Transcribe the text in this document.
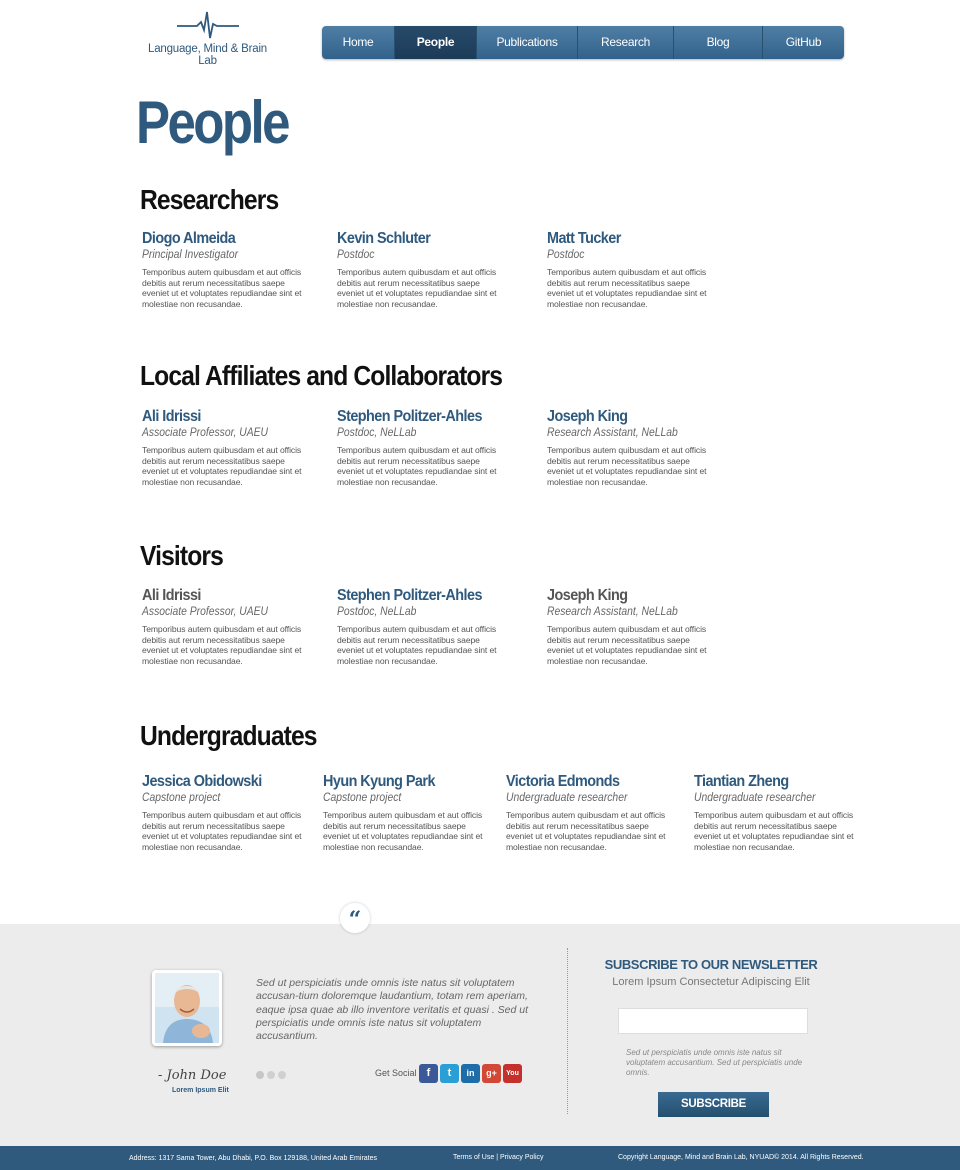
Language, Mind & Brain Lab
Home	People	Publications	Research	Blog	GitHub
People
Researchers
Diogo Almeida
Principal Investigator
Temporibus autem quibusdam et aut officis debitis aut rerum necessitatibus saepe eveniet ut et voluptates repudiandae sint et molestiae non recusandae.
Kevin Schluter
Postdoc
Temporibus autem quibusdam et aut officis debitis aut rerum necessitatibus saepe eveniet ut et voluptates repudiandae sint et molestiae non recusandae.
Matt Tucker
Postdoc
Temporibus autem quibusdam et aut officis debitis aut rerum necessitatibus saepe eveniet ut et voluptates repudiandae sint et molestiae non recusandae.
Local Affiliates and Collaborators
Ali Idrissi
Associate Professor, UAEU
Temporibus autem quibusdam et aut officis debitis aut rerum necessitatibus saepe eveniet ut et voluptates repudiandae sint et molestiae non recusandae.
Stephen Politzer-Ahles
Postdoc, NeLLab
Temporibus autem quibusdam et aut officis debitis aut rerum necessitatibus saepe eveniet ut et voluptates repudiandae sint et molestiae non recusandae.
Joseph King
Research Assistant, NeLLab
Temporibus autem quibusdam et aut officis debitis aut rerum necessitatibus saepe eveniet ut et voluptates repudiandae sint et molestiae non recusandae.
Visitors
Ali Idrissi
Associate Professor, UAEU
Temporibus autem quibusdam et aut officis debitis aut rerum necessitatibus saepe eveniet ut et voluptates repudiandae sint et molestiae non recusandae.
Stephen Politzer-Ahles
Postdoc, NeLLab
Temporibus autem quibusdam et aut officis debitis aut rerum necessitatibus saepe eveniet ut et voluptates repudiandae sint et molestiae non recusandae.
Joseph King
Research Assistant, NeLLab
Temporibus autem quibusdam et aut officis debitis aut rerum necessitatibus saepe eveniet ut et voluptates repudiandae sint et molestiae non recusandae.
Undergraduates
Jessica Obidowski
Capstone project
Temporibus autem quibusdam et aut officis debitis aut rerum necessitatibus saepe eveniet ut et voluptates repudiandae sint et molestiae non recusandae.
Hyun Kyung Park
Capstone project
Temporibus autem quibusdam et aut officis debitis aut rerum necessitatibus saepe eveniet ut et voluptates repudiandae sint et molestiae non recusandae.
Victoria Edmonds
Undergraduate researcher
Temporibus autem quibusdam et aut officis debitis aut rerum necessitatibus saepe eveniet ut et voluptates repudiandae sint et molestiae non recusandae.
Tiantian Zheng
Undergraduate researcher
Temporibus autem quibusdam et aut officis debitis aut rerum necessitatibus saepe eveniet ut et voluptates repudiandae sint et molestiae non recusandae.
“
- John Doe
Lorem Ipsum Elit
Sed ut perspiciatis unde omnis iste natus sit voluptatem accusan-tium doloremque laudantium, totam rem aperiam, eaque ipsa quae ab illo inventore veritatis et quasi . Sed ut perspiciatis unde omnis iste natus sit voluptatem accusantium.
Get Social f	t	in	g+	You
SUBSCRIBE TO OUR NEWSLETTER
Lorem Ipsum Consectetur Adipiscing Elit
Sed ut perspiciatis unde omnis iste natus sit voluptatem accusantium. Sed ut perspiciatis unde omnis.
SUBSCRIBE
Address: 1317 Sama Tower, Abu Dhabi, P.O. Box 129188, United Arab Emirates	Terms of Use | Privacy Policy	Copyright Language, Mind and Brain Lab, NYUAD© 2014. All Rights Reserved.
